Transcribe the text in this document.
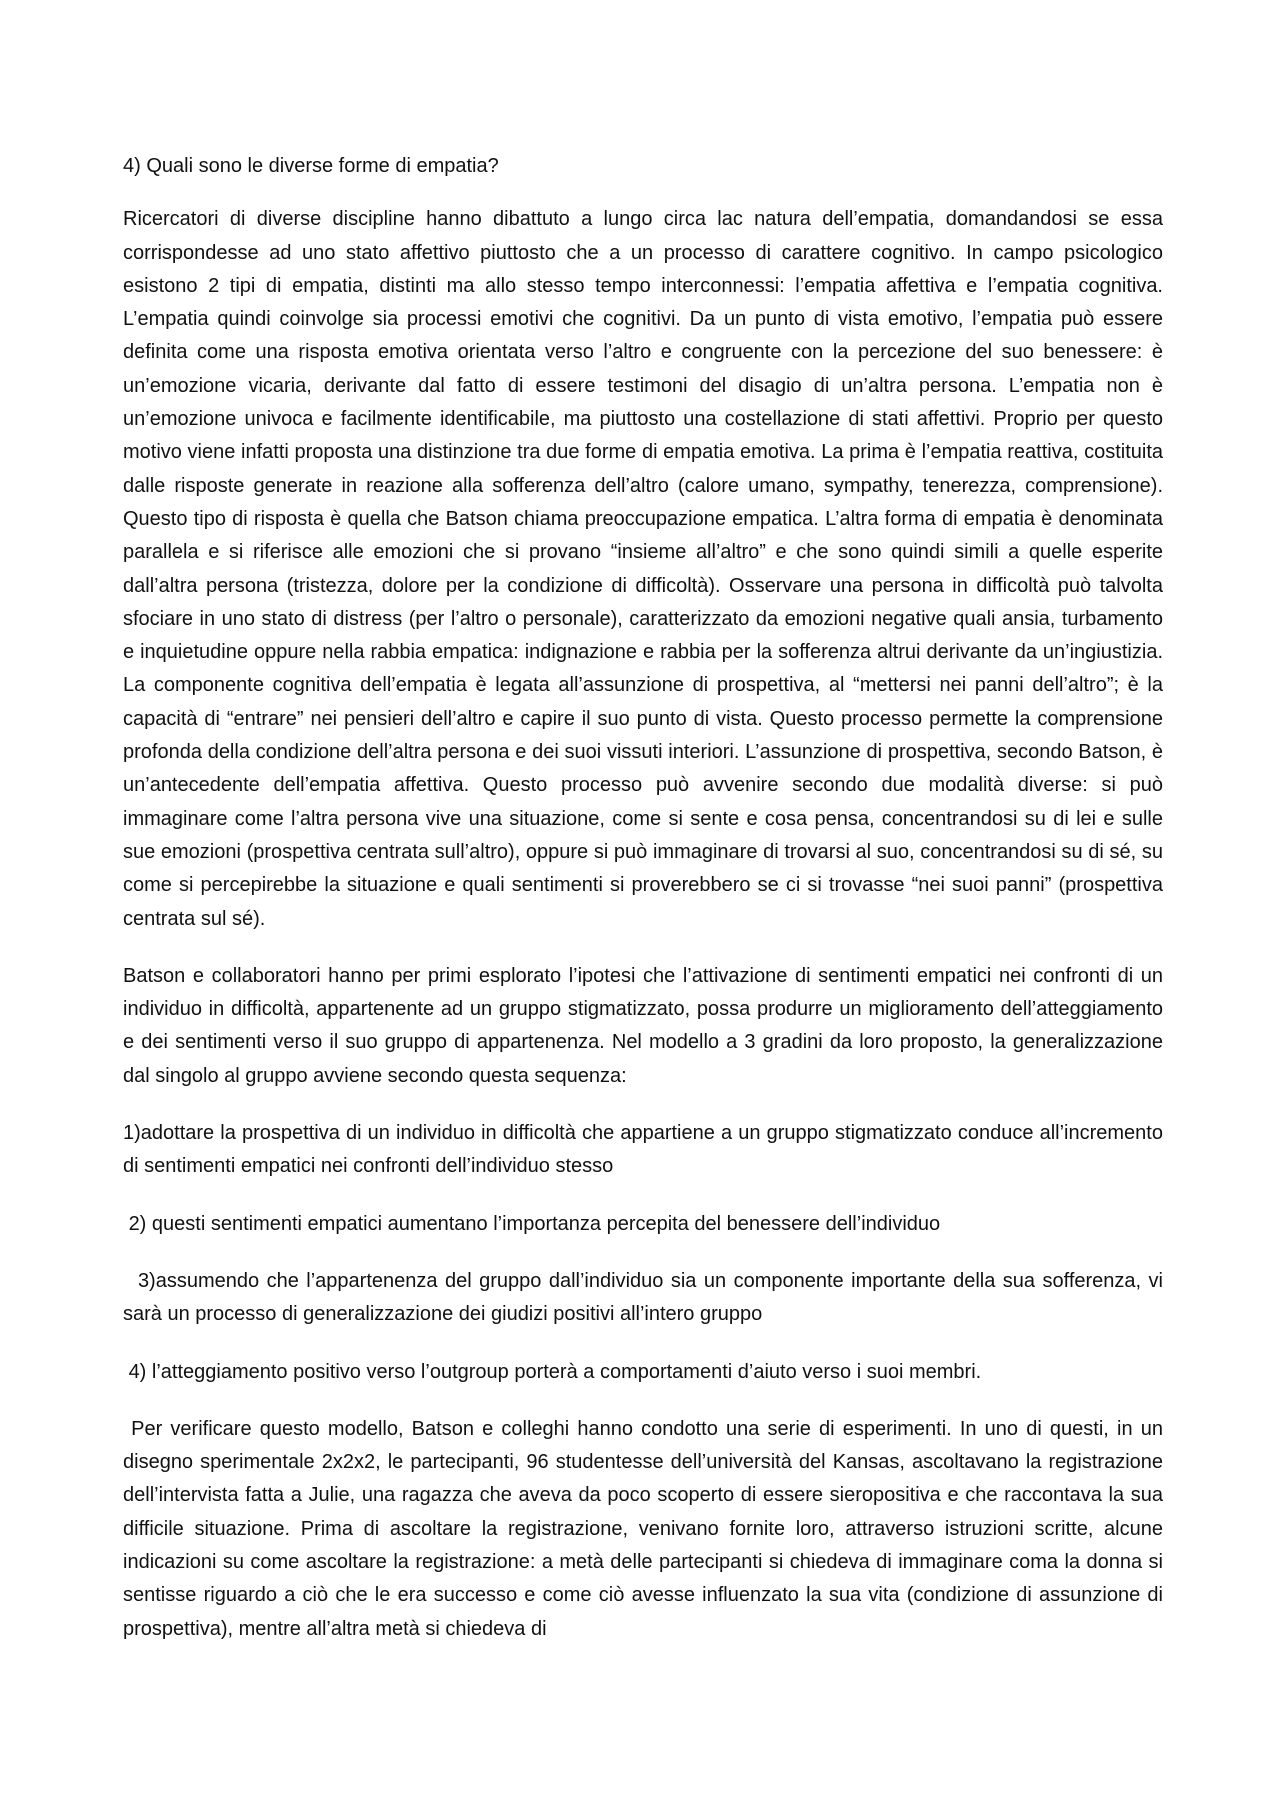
4) Quali sono le diverse forme di empatia?

Ricercatori di diverse discipline hanno dibattuto a lungo circa lac natura dell’empatia, domandandosi se essa corrispondesse ad uno stato affettivo piuttosto che a un processo di carattere cognitivo. In campo psicologico esistono 2 tipi di empatia, distinti ma allo stesso tempo interconnessi: l’empatia affettiva e l’empatia cognitiva. L’empatia quindi coinvolge sia processi emotivi che cognitivi. Da un punto di vista emotivo, l’empatia può essere definita come una risposta emotiva orientata verso l’altro e congruente con la percezione del suo benessere: è un’emozione vicaria, derivante dal fatto di essere testimoni del disagio di un’altra persona. L’empatia non è un’emozione univoca e facilmente identificabile, ma piuttosto una costellazione di stati affettivi. Proprio per questo motivo viene infatti proposta una distinzione tra due forme di empatia emotiva. La prima è l’empatia reattiva, costituita dalle risposte generate in reazione alla sofferenza dell’altro (calore umano, sympathy, tenerezza, comprensione). Questo tipo di risposta è quella che Batson chiama preoccupazione empatica. L’altra forma di empatia è denominata parallela e si riferisce alle emozioni che si provano “insieme all’altro” e che sono quindi simili a quelle esperite dall’altra persona (tristezza, dolore per la condizione di difficoltà). Osservare una persona in difficoltà può talvolta sfociare in uno stato di distress (per l’altro o personale), caratterizzato da emozioni negative quali ansia, turbamento e inquietudine oppure nella rabbia empatica: indignazione e rabbia per la sofferenza altrui derivante da un’ingiustizia. La componente cognitiva dell’empatia è legata all’assunzione di prospettiva, al “mettersi nei panni dell’altro”; è la capacità di “entrare” nei pensieri dell’altro e capire il suo punto di vista. Questo processo permette la comprensione profonda della condizione dell’altra persona e dei suoi vissuti interiori. L’assunzione di prospettiva, secondo Batson, è un’antecedente dell’empatia affettiva. Questo processo può avvenire secondo due modalità diverse: si può immaginare come l’altra persona vive una situazione, come si sente e cosa pensa, concentrandosi su di lei e sulle sue emozioni (prospettiva centrata sull’altro), oppure si può immaginare di trovarsi al suo, concentrandosi su di sé, su come si percepirebbe la situazione e quali sentimenti si proverebbero se ci si trovasse “nei suoi panni” (prospettiva centrata sul sé).

Batson e collaboratori hanno per primi esplorato l’ipotesi che l’attivazione di sentimenti empatici nei confronti di un individuo in difficoltà, appartenente ad un gruppo stigmatizzato, possa produrre un miglioramento dell’atteggiamento e dei sentimenti verso il suo gruppo di appartenenza. Nel modello a 3 gradini da loro proposto, la generalizzazione dal singolo al gruppo avviene secondo questa sequenza:

1)adottare la prospettiva di un individuo in difficoltà che appartiene a un gruppo stigmatizzato conduce all’incremento di sentimenti empatici nei confronti dell’individuo stesso

2) questi sentimenti empatici aumentano l’importanza percepita del benessere dell’individuo

3)assumendo che l’appartenenza del gruppo dall’individuo sia un componente importante della sua sofferenza, vi sarà un processo di generalizzazione dei giudizi positivi all’intero gruppo

4) l’atteggiamento positivo verso l’outgroup porterà a comportamenti d’aiuto verso i suoi membri.

Per verificare questo modello, Batson e colleghi hanno condotto una serie di esperimenti. In uno di questi, in un disegno sperimentale 2x2x2, le partecipanti, 96 studentesse dell’università del Kansas, ascoltavano la registrazione dell’intervista fatta a Julie, una ragazza che aveva da poco scoperto di essere sieropositiva e che raccontava la sua difficile situazione. Prima di ascoltare la registrazione, venivano fornite loro, attraverso istruzioni scritte, alcune indicazioni su come ascoltare la registrazione: a metà delle partecipanti si chiedeva di immaginare coma la donna si sentisse riguardo a ciò che le era successo e come ciò avesse influenzato la sua vita (condizione di assunzione di prospettiva), mentre all’altra metà si chiedeva di
